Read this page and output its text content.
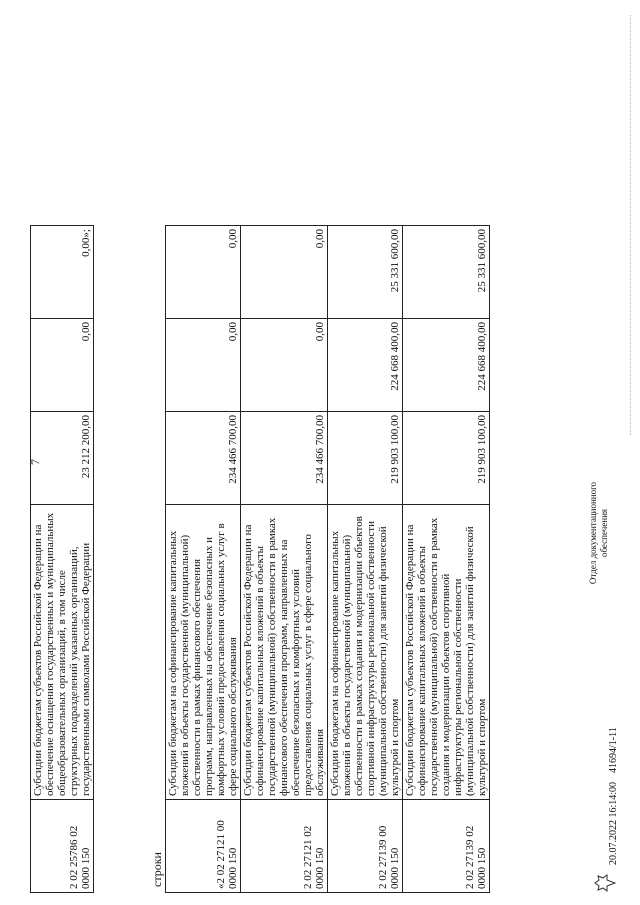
7
2 02 25786 02 0000 150	Субсидии бюджетам субъектов Российской Федерации на обеспечение оснащения государственных и муниципальных общеобразовательных организаций, в том числе структурных подразделений указанных организаций, государственными символами Российской Федерации	23 212 200,00	0,00	0,00»;
строки	«2 02 27121 00 0000 150	Субсидии бюджетам на софинансирование капитальных вложений в объекты государственной (муниципальной) собственности в рамках финансового обеспечения программ, направленных на обеспечение безопасных и комфортных условий предоставления социальных услуг в сфере социального обслуживания	234 466 700,00	0,00	0,00
2 02 27121 02 0000 150	Субсидии бюджетам субъектов Российской Федерации на софинансирование капитальных вложений в объекты государственной (муниципальной) собственности в рамках финансового обеспечения программ, направленных на обеспечение безопасных и комфортных условий предоставления социальных услуг в сфере социального обслуживания	234 466 700,00	0,00	0,00
2 02 27139 00 0000 150	Субсидии бюджетам на софинансирование капитальных вложений в объекты государственной (муниципальной) собственности в рамках создания и модернизации объектов спортивной инфраструктуры региональной собственности (муниципальной собственности) для занятий физической культурой и спортом	219 903 100,00	224 668 400,00	25 331 600,00
2 02 27139 02 0000 150	Субсидии бюджетам субъектов Российской Федерации на софинансирование капитальных вложений в объекты государственной (муниципальной) собственности в рамках создания и модернизации объектов спортивной инфраструктуры региональной собственности (муниципальной собственности) для занятий физической культурой и спортом	219 903 100,00	224 668 400,00	25 331 600,00
20.07.2022 16:14:00
41694/1-11
Отдел документационного обеспечения
